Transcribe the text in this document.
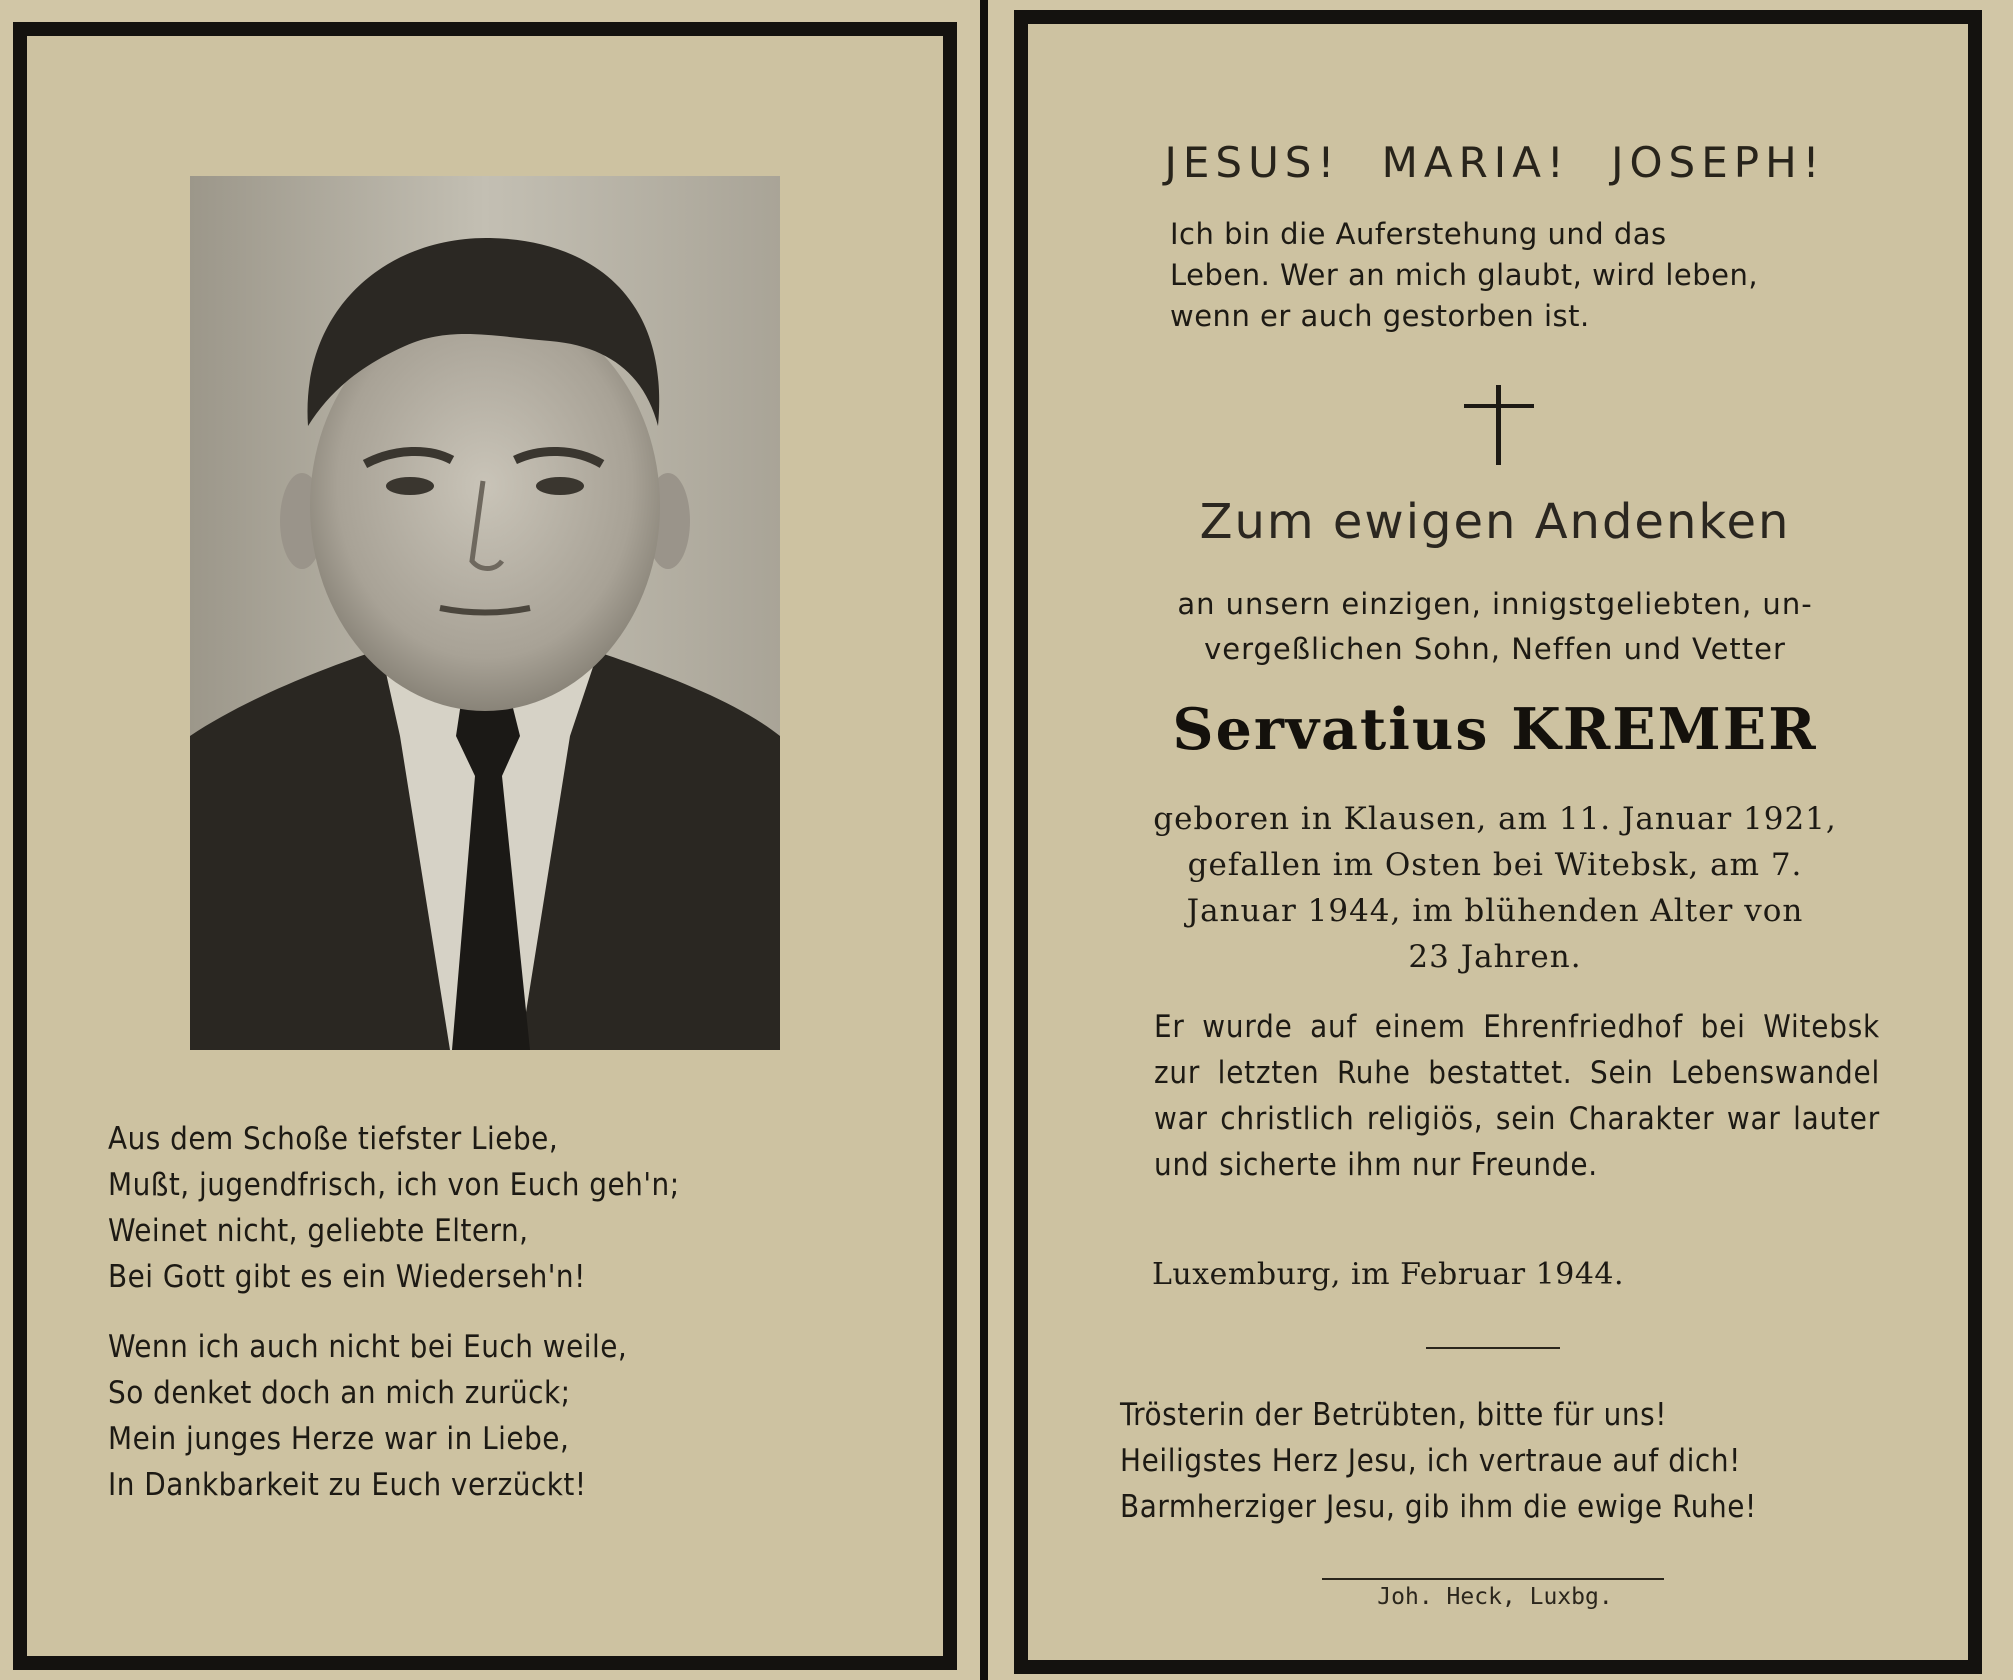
Aus dem Schoße tiefster Liebe,
Mußt, jugendfrisch, ich von Euch geh'n;
Weinet nicht, geliebte Eltern,
Bei Gott gibt es ein Wiederseh'n!
Wenn ich auch nicht bei Euch weile,
So denket doch an mich zurück;
Mein junges Herze war in Liebe,
In Dankbarkeit zu Euch verzückt!
JESUS! MARIA! JOSEPH!
Ich bin die Auferstehung und das
Leben. Wer an mich glaubt, wird leben,
wenn er auch gestorben ist.
Zum ewigen Andenken
an unsern einzigen, innigstgeliebten, un-
vergeßlichen Sohn, Neffen und Vetter
Servatius KREMER
geboren in Klausen, am 11. Januar 1921,
gefallen im Osten bei Witebsk, am 7.
Januar 1944, im blühenden Alter von
23 Jahren.
Er wurde auf einem Ehrenfriedhof bei Witebsk zur letzten Ruhe bestattet. Sein Lebenswandel war christlich religiös, sein Charakter war lauter und sicherte ihm nur Freunde.
Luxemburg, im Februar 1944.
Trösterin der Betrübten, bitte für uns!
Heiligstes Herz Jesu, ich vertraue auf dich!
Barmherziger Jesu, gib ihm die ewige Ruhe!
Joh. Heck, Luxbg.
